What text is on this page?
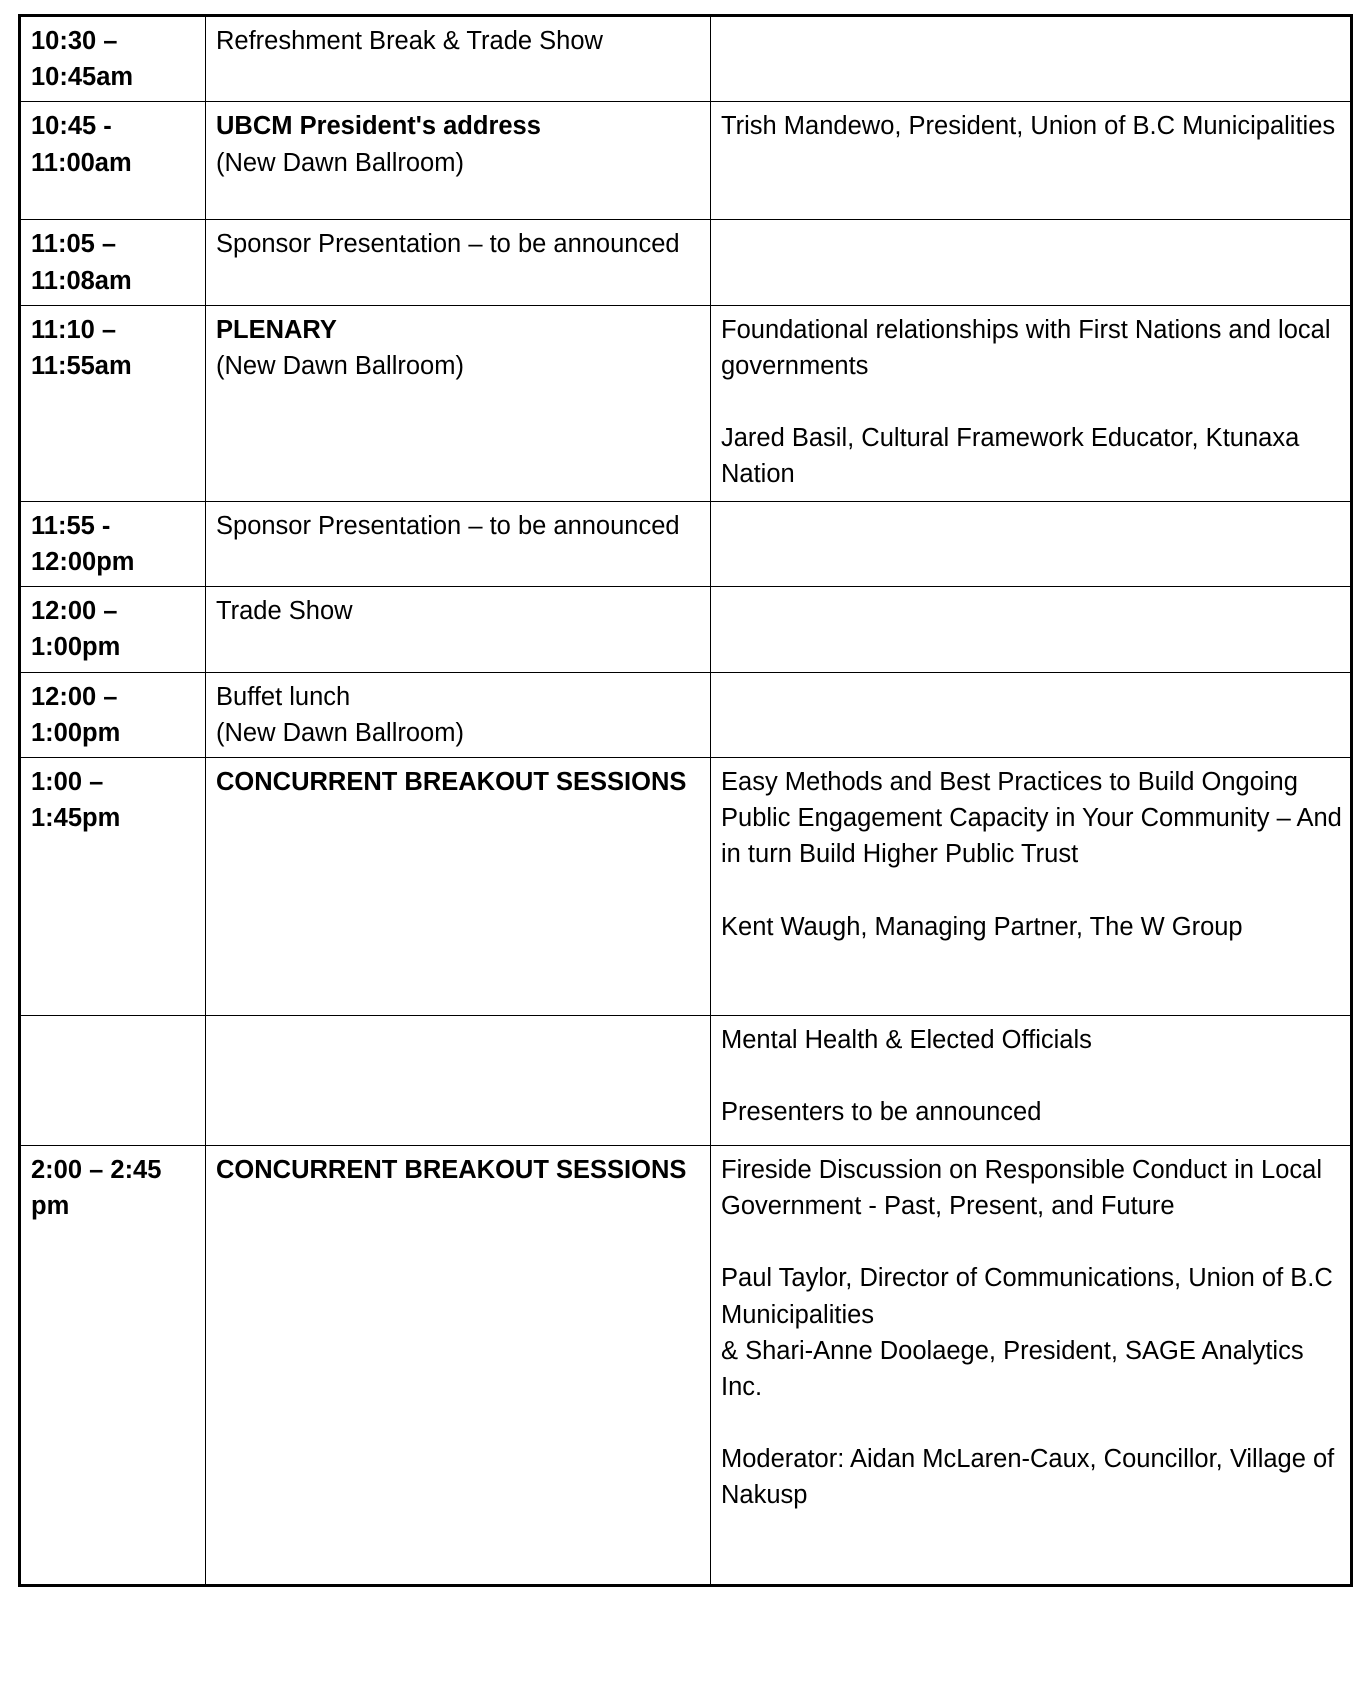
10:30 –
10:45am	Refreshment Break & Trade Show	

10:45 -
11:00am	UBCM President's address
(New Dawn Ballroom)	Trish Mandewo, President, Union of B.C Municipalities

11:05 –
11:08am	Sponsor Presentation – to be announced	

11:10 –
11:55am	PLENARY
(New Dawn Ballroom)	Foundational relationships with First Nations and local governments
Jared Basil, Cultural Framework Educator, Ktunaxa Nation

11:55 -
12:00pm	Sponsor Presentation – to be announced	

12:00 –
1:00pm	Trade Show	

12:00 –
1:00pm	Buffet lunch
(New Dawn Ballroom)	

1:00 –
1:45pm	CONCURRENT BREAKOUT SESSIONS	Easy Methods and Best Practices to Build Ongoing Public Engagement Capacity in Your Community – And in turn Build Higher Public Trust
Kent Waugh, Managing Partner, The W Group

		Mental Health & Elected Officials
Presenters to be announced

2:00 – 2:45
pm	CONCURRENT BREAKOUT SESSIONS	Fireside Discussion on Responsible Conduct in Local Government - Past, Present, and Future
Paul Taylor, Director of Communications, Union of B.C Municipalities
& Shari-Anne Doolaege, President, SAGE Analytics Inc.
Moderator: Aidan McLaren-Caux, Councillor, Village of Nakusp
